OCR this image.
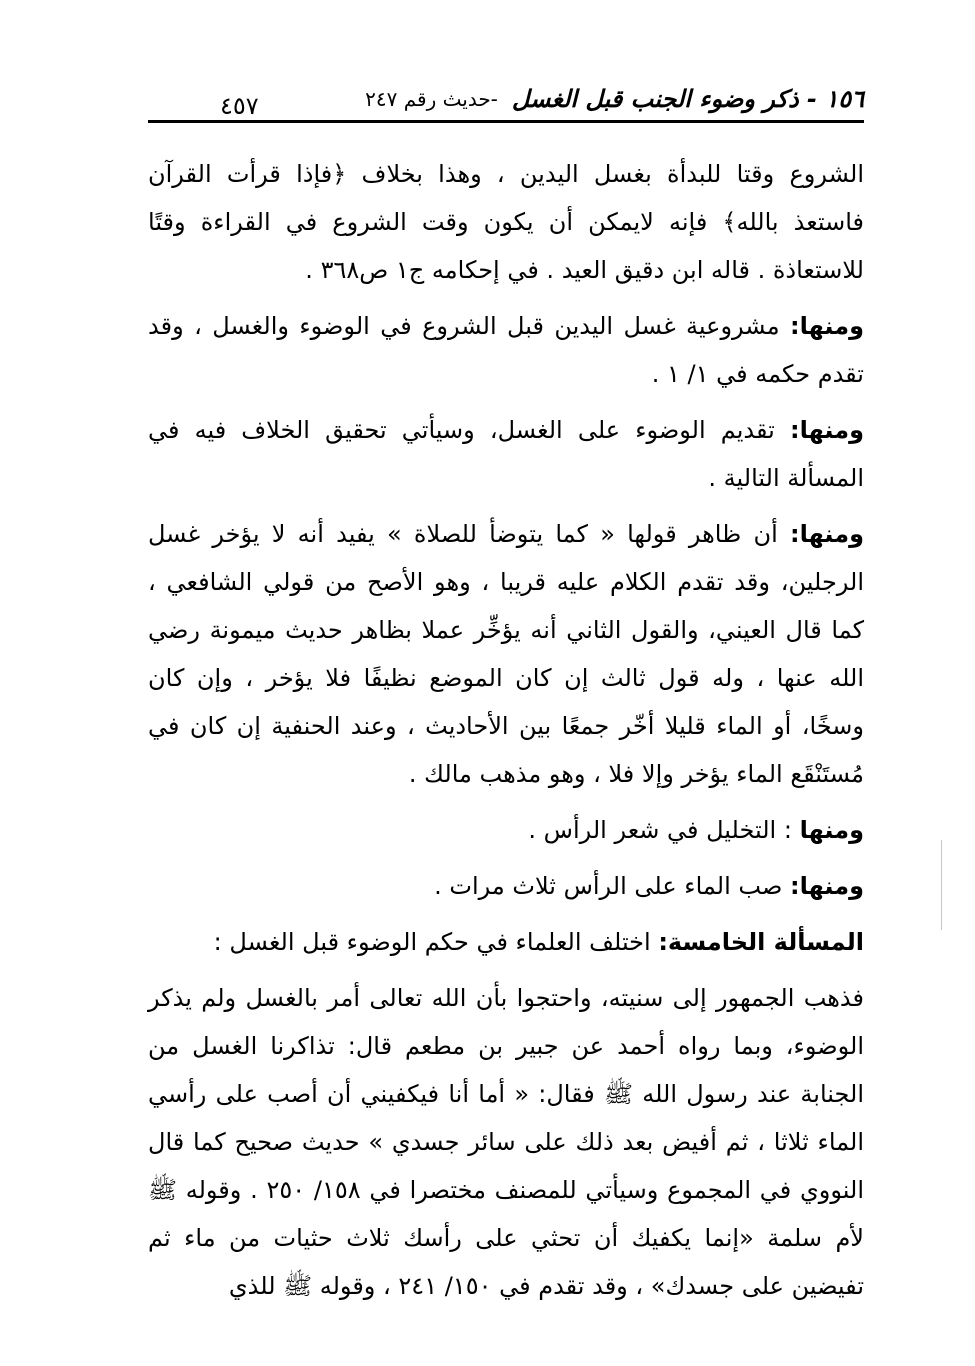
١٥٦ - ذكر وضوء الجنب قبل الغسل
-حديث رقم ٢٤٧
٤٥٧

الشروع وقتا للبدأة بغسل اليدين ، وهذا بخلاف ﴿فإذا قرأت القرآن فاستعذ بالله﴾ فإنه لايمكن أن يكون وقت الشروع في القراءة وقتًا للاستعاذة . قاله ابن دقيق العيد . في إحكامه ج١ ص٣٦٨ .

ومنها: مشروعية غسل اليدين قبل الشروع في الوضوء والغسل ، وقد تقدم حكمه في ١/ ١ .

ومنها: تقديم الوضوء على الغسل، وسيأتي تحقيق الخلاف فيه في المسألة التالية .

ومنها: أن ظاهر قولها « كما يتوضأ للصلاة » يفيد أنه لا يؤخر غسل الرجلين، وقد تقدم الكلام عليه قريبا ، وهو الأصح من قولي الشافعي ، كما قال العيني، والقول الثاني أنه يؤخِّر عملا بظاهر حديث ميمونة رضي الله عنها ، وله قول ثالث إن كان الموضع نظيفًا فلا يؤخر ، وإن كان وسخًا، أو الماء قليلا أخّر جمعًا بين الأحاديث ، وعند الحنفية إن كان في مُستَنْقَع الماء يؤخر وإلا فلا ، وهو مذهب مالك .

ومنها : التخليل في شعر الرأس .

ومنها: صب الماء على الرأس ثلاث مرات .

المسألة الخامسة: اختلف العلماء في حكم الوضوء قبل الغسل :

فذهب الجمهور إلى سنيته، واحتجوا بأن الله تعالى أمر بالغسل ولم يذكر الوضوء، وبما رواه أحمد عن جبير بن مطعم قال: تذاكرنا الغسل من الجنابة عند رسول الله ﷺ فقال: « أما أنا فيكفيني أن أصب على رأسي الماء ثلاثا ، ثم أفيض بعد ذلك على سائر جسدي » حديث صحيح كما قال النووي في المجموع وسيأتي للمصنف مختصرا في ١٥٨/ ٢٥٠ . وقوله ﷺ لأم سلمة «إنما يكفيك أن تحثي على رأسك ثلاث حثيات من ماء ثم تفيضين على جسدك» ، وقد تقدم في ١٥٠/ ٢٤١ ، وقوله ﷺ للذي
